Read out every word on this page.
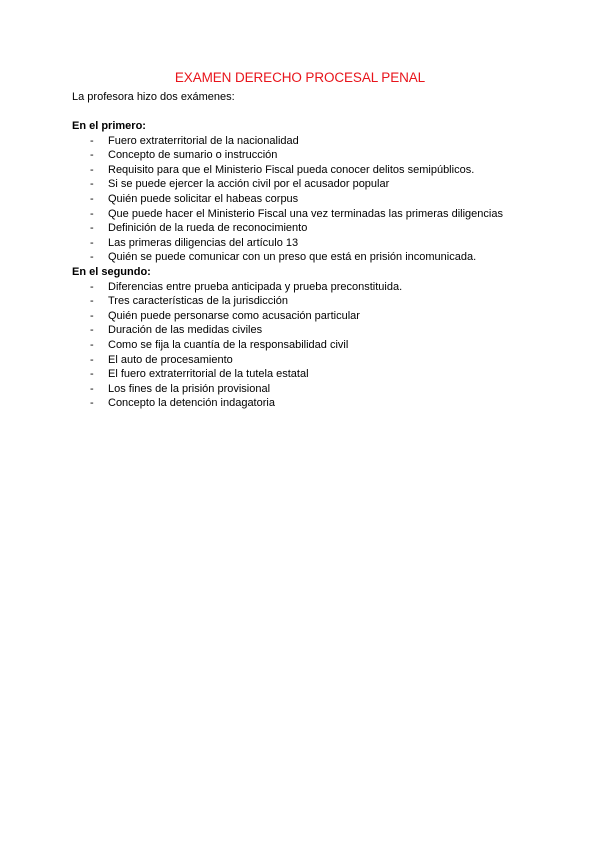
EXAMEN DERECHO PROCESAL PENAL
La profesora hizo dos exámenes:
En el primero:
- Fuero extraterritorial de la nacionalidad
- Concepto de sumario o instrucción
- Requisito para que el Ministerio Fiscal pueda conocer delitos semipúblicos.
- Si se puede ejercer la acción civil por el acusador popular
- Quién puede solicitar el habeas corpus
- Que puede hacer el Ministerio Fiscal una vez terminadas las primeras diligencias
- Definición de la rueda de reconocimiento
- Las primeras diligencias del artículo 13
- Quién se puede comunicar con un preso que está en prisión incomunicada.
En el segundo:
- Diferencias entre prueba anticipada y prueba preconstituida.
- Tres características de la jurisdicción
- Quién puede personarse como acusación particular
- Duración de las medidas civiles
- Como se fija la cuantía de la responsabilidad civil
- El auto de procesamiento
- El fuero extraterritorial de la tutela estatal
- Los fines de la prisión provisional
- Concepto la detención indagatoria
